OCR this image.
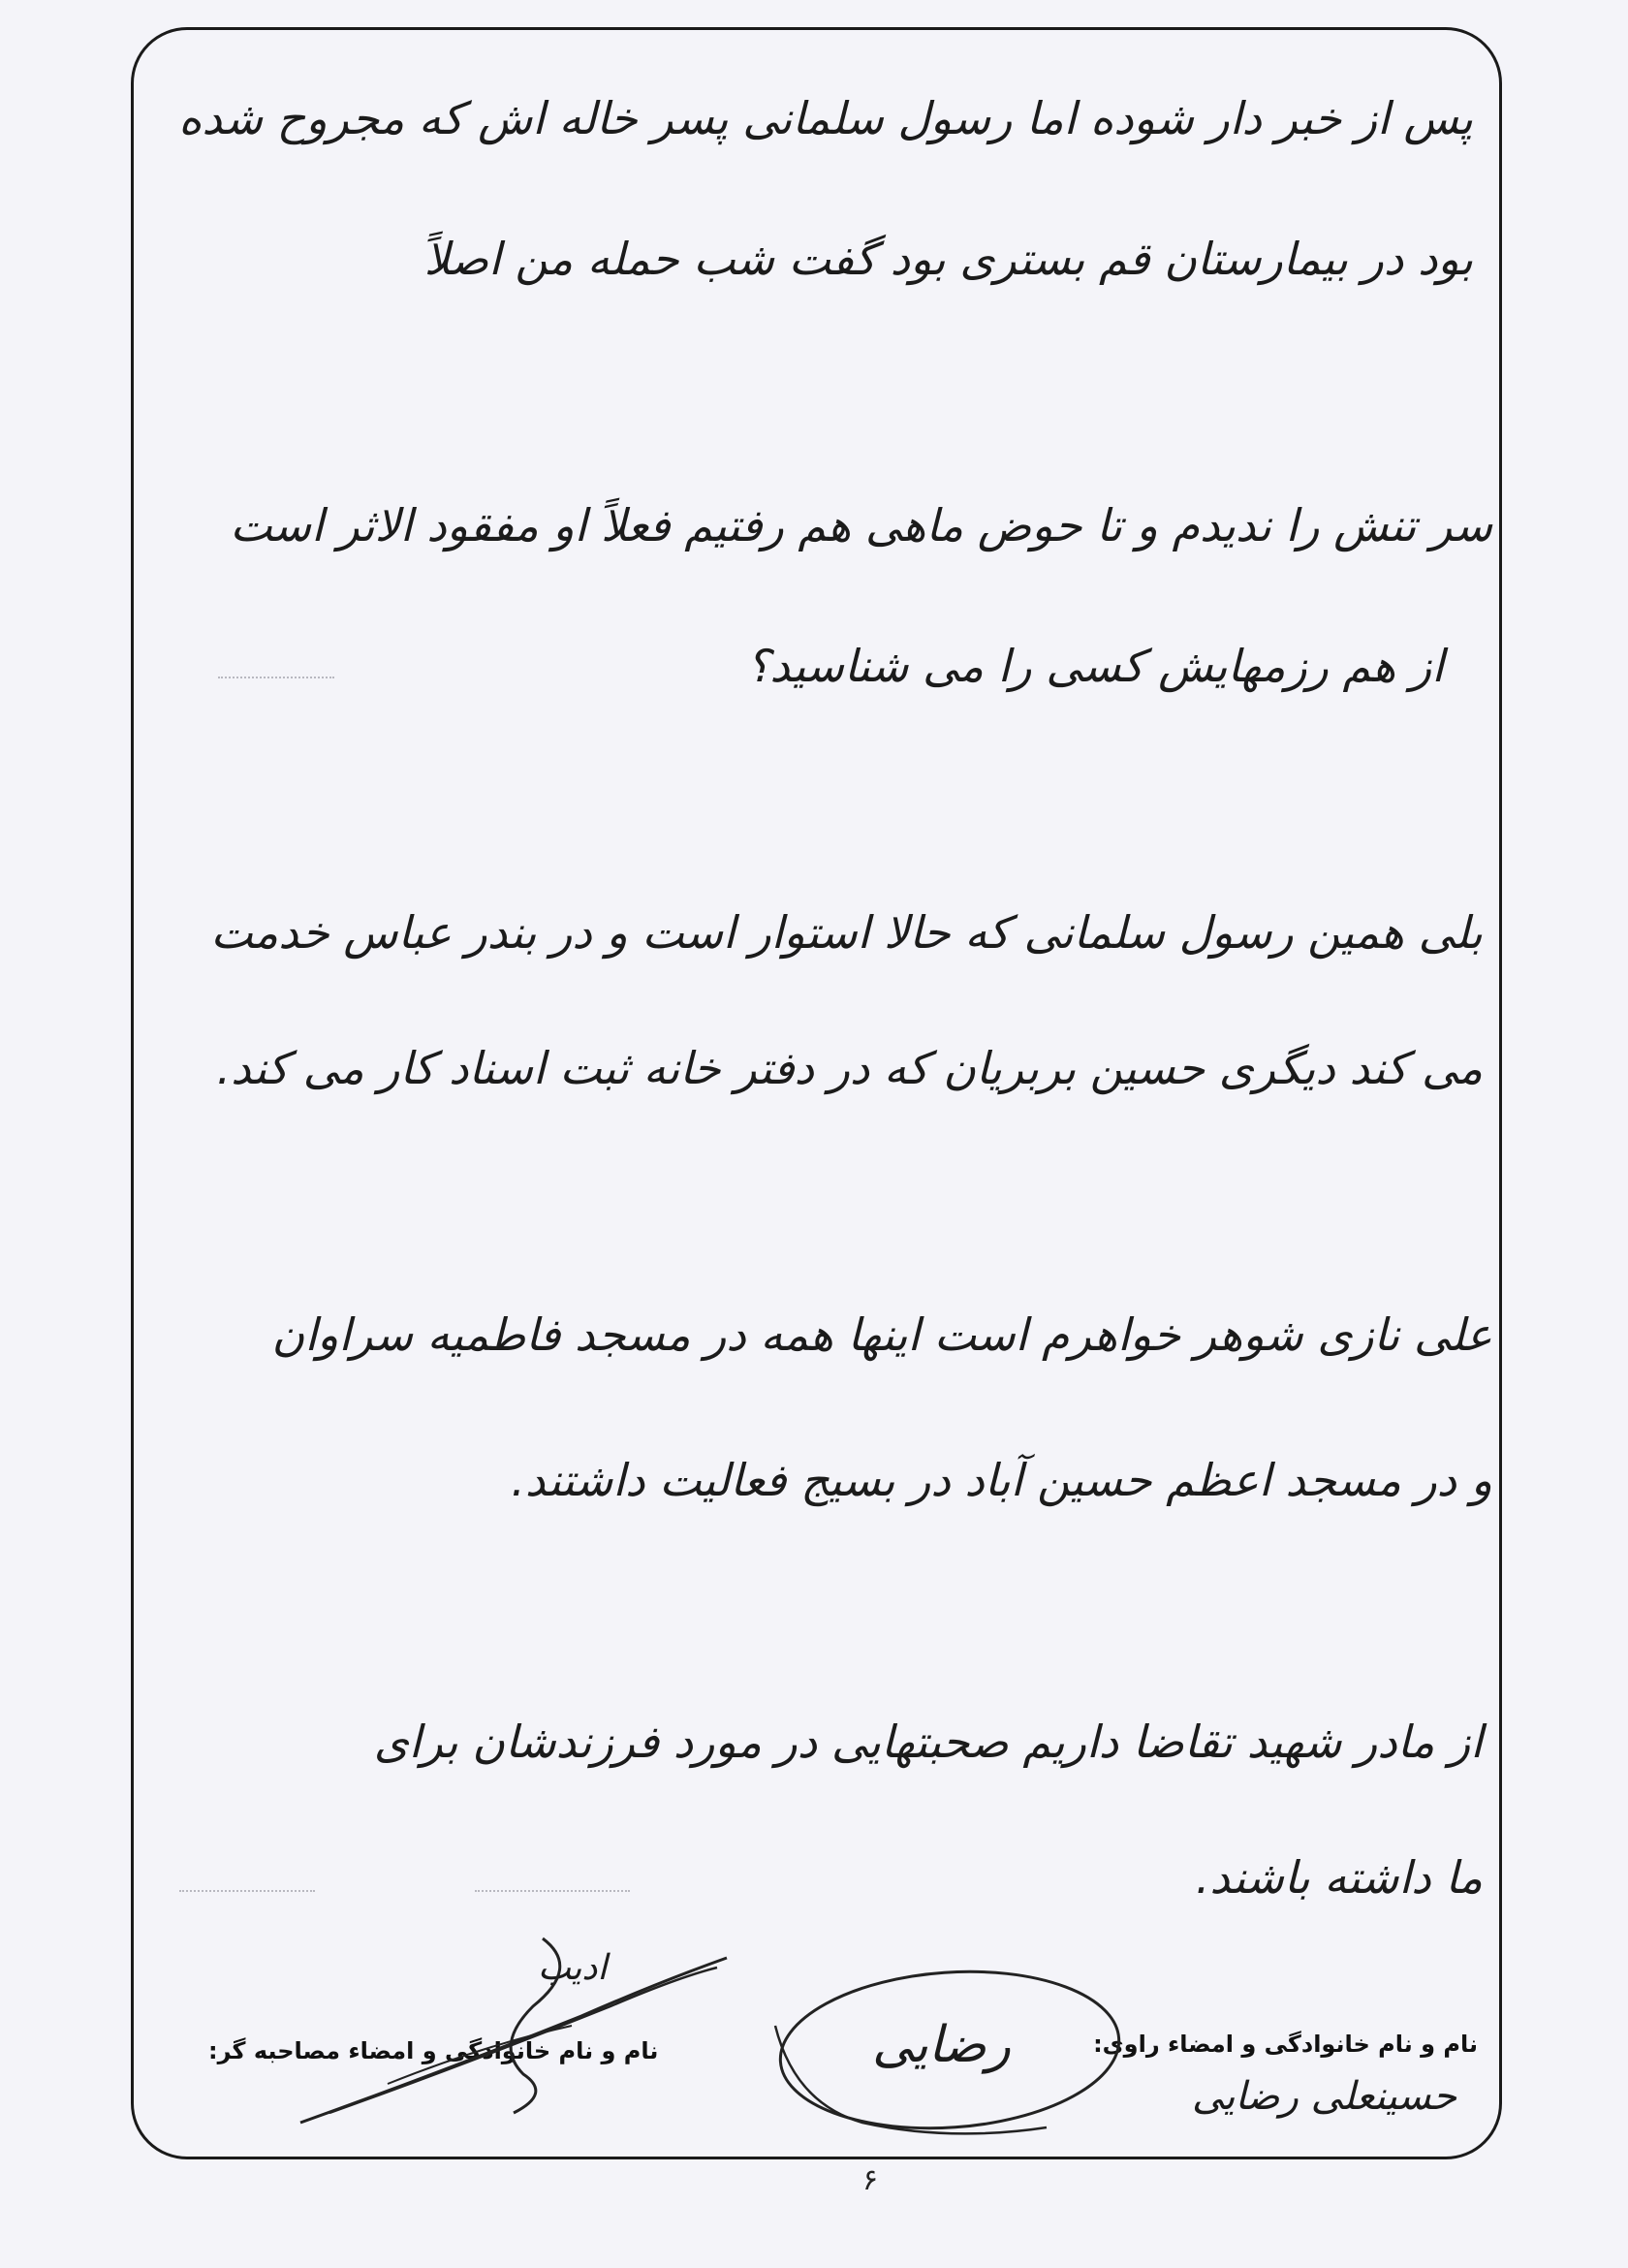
پس از خبر دار شوده اما رسول سلمانی پسر خاله اش که مجروح شده
بود در بیمارستان قم بستری بود گفت شب حمله من اصلاً
سر تنش را ندیدم و تا حوض ماهی هم رفتیم فعلاً او مفقود الاثر است
از هم رزمهایش کسی را می شناسید؟
بلی همین رسول سلمانی که حالا استوار است و در بندر عباس خدمت
می کند دیگری حسین بربریان که در دفتر خانه ثبت اسناد کار می کند.
علی نازی شوهر خواهرم است اینها همه در مسجد فاطمیه سراوان
و در مسجد اعظم حسین آباد در بسیج فعالیت داشتند.
از مادر شهید تقاضا داریم صحبتهایی در مورد فرزندشان برای
ما داشته باشند.
نام و نام خانوادگی و امضاء راوی:
رضایی
حسینعلی رضایی
نام و نام خانوادگی و امضاء مصاحبه گر:
ادیب
۶
